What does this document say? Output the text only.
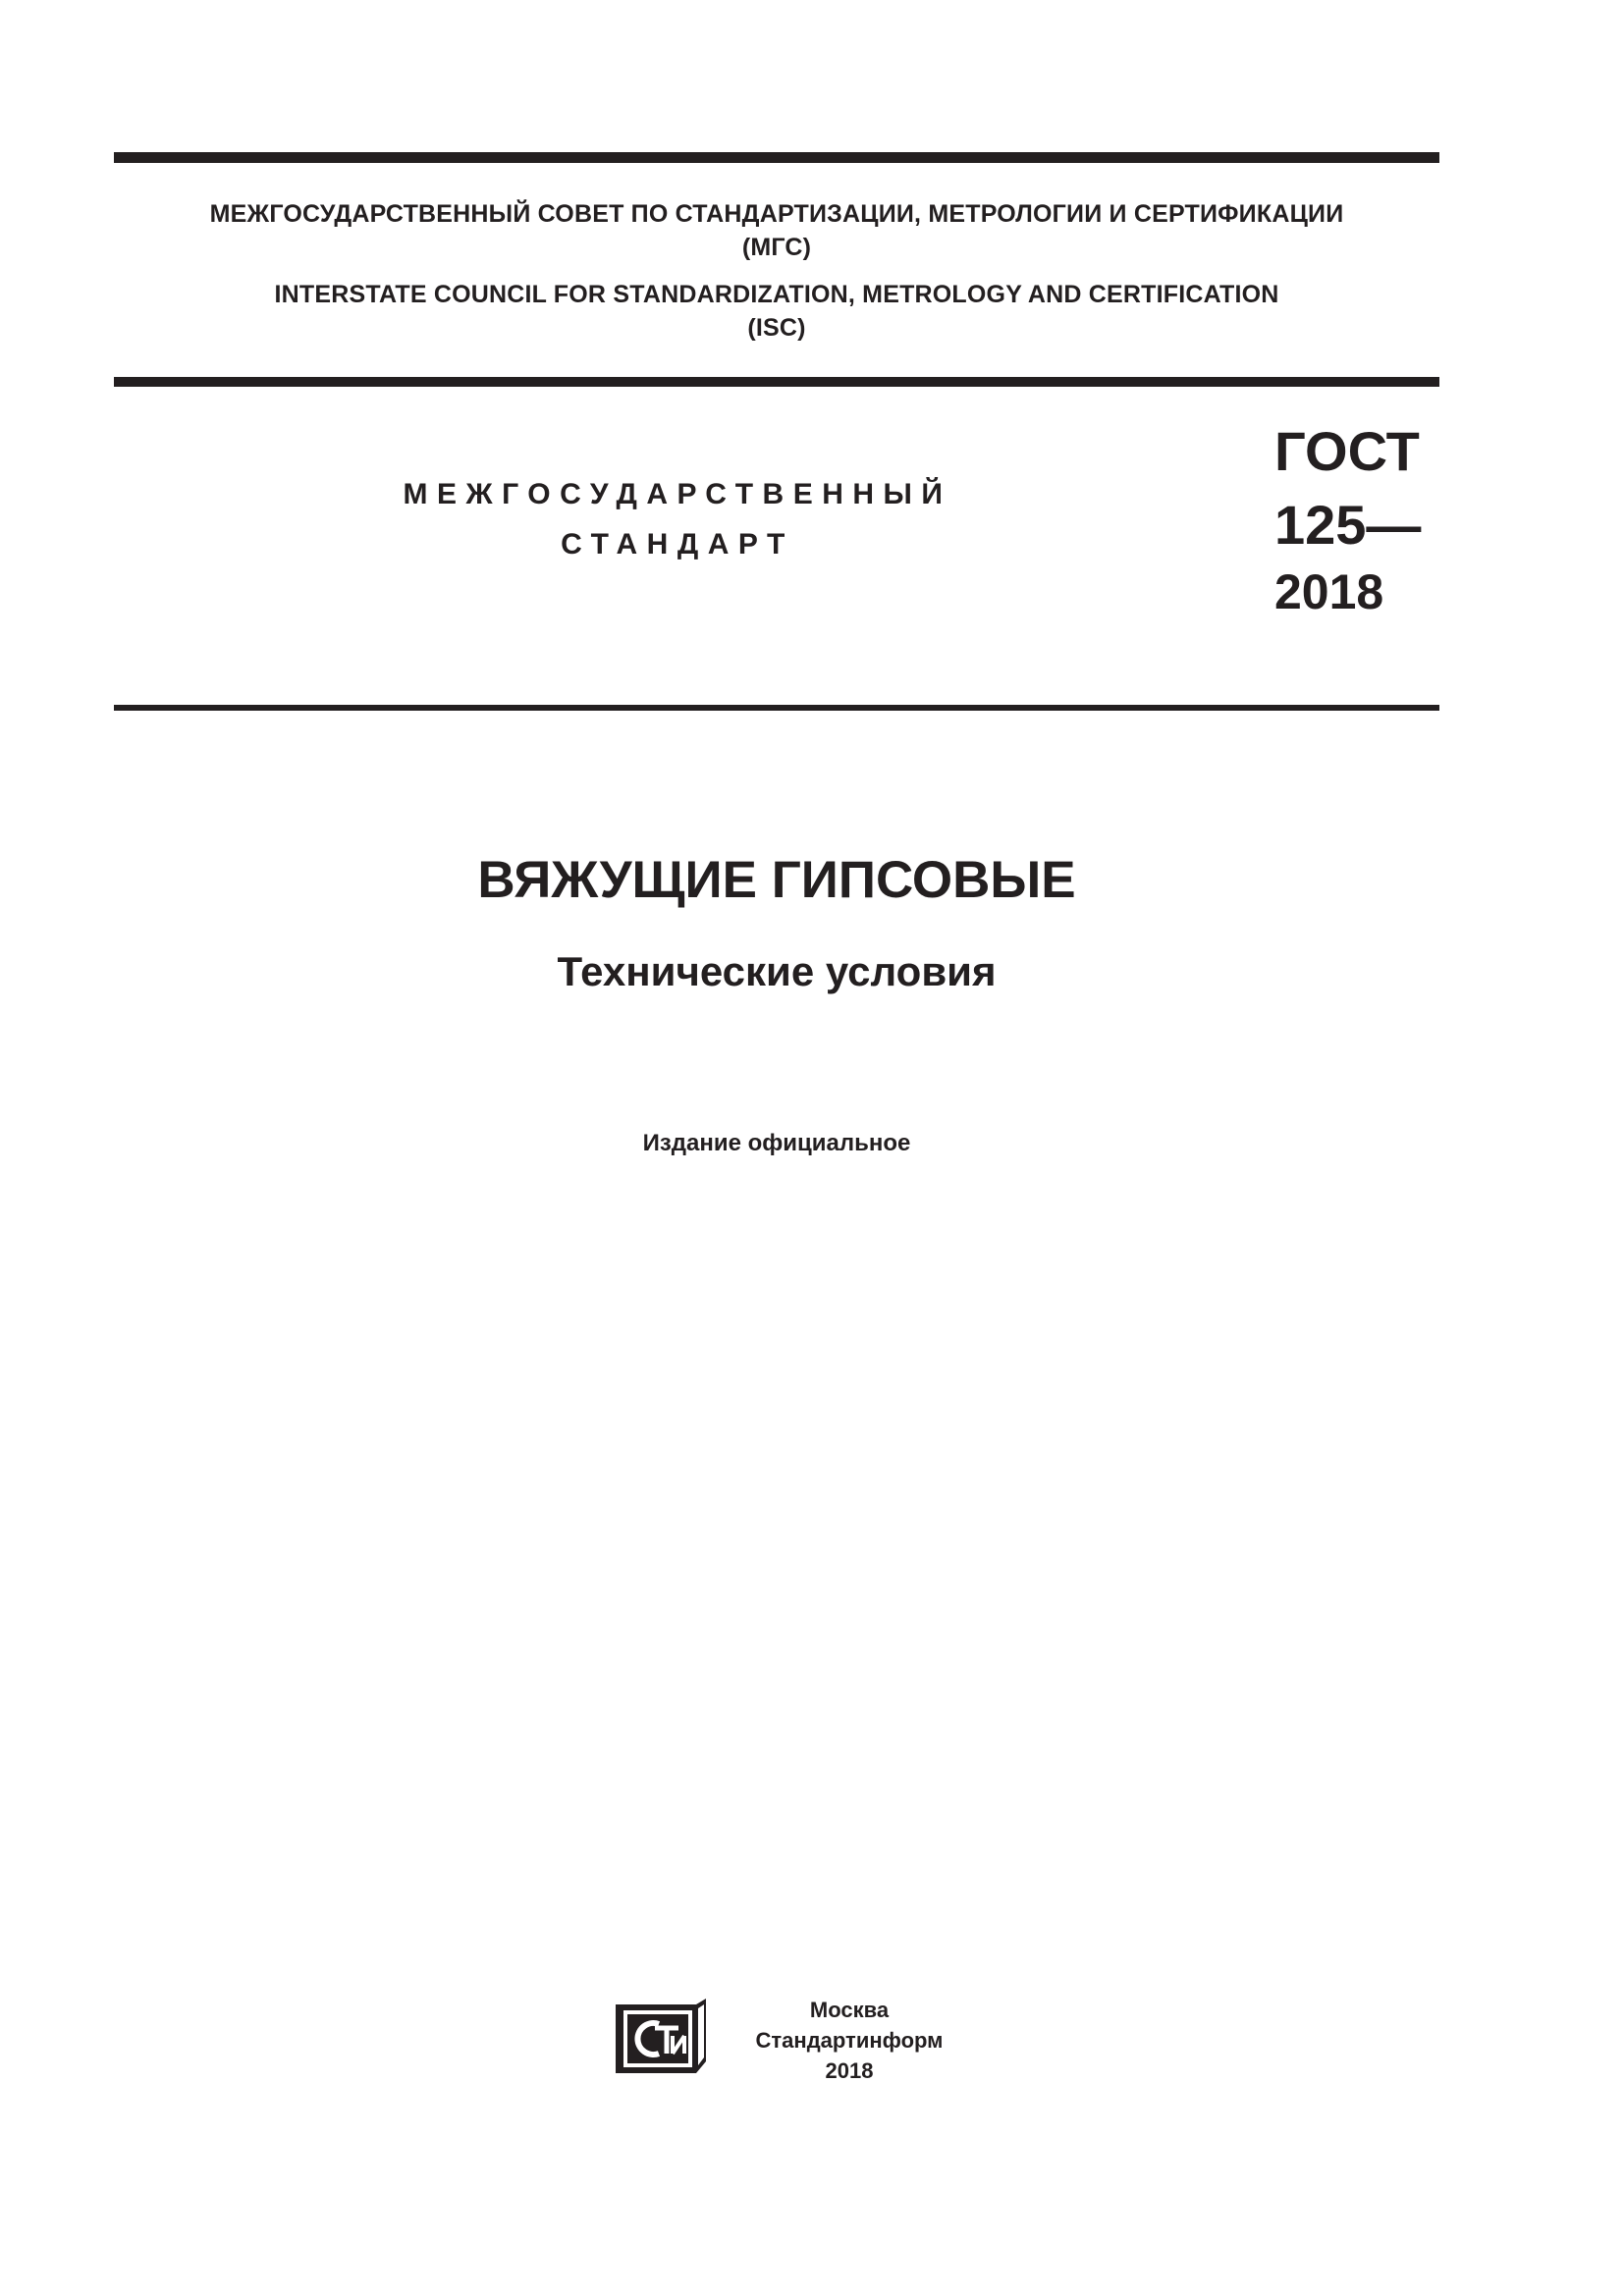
МЕЖГОСУДАРСТВЕННЫЙ СОВЕТ ПО СТАНДАРТИЗАЦИИ, МЕТРОЛОГИИ И СЕРТИФИКАЦИИ
(МГС)
INTERSTATE COUNCIL FOR STANDARDIZATION, METROLOGY AND CERTIFICATION
(ISC)
МЕЖГОСУДАРСТВЕННЫЙ
СТАНДАРТ
ГОСТ
125—
2018
ВЯЖУЩИЕ ГИПСОВЫЕ
Технические условия
Издание официальное
Москва
Стандартинформ
2018
